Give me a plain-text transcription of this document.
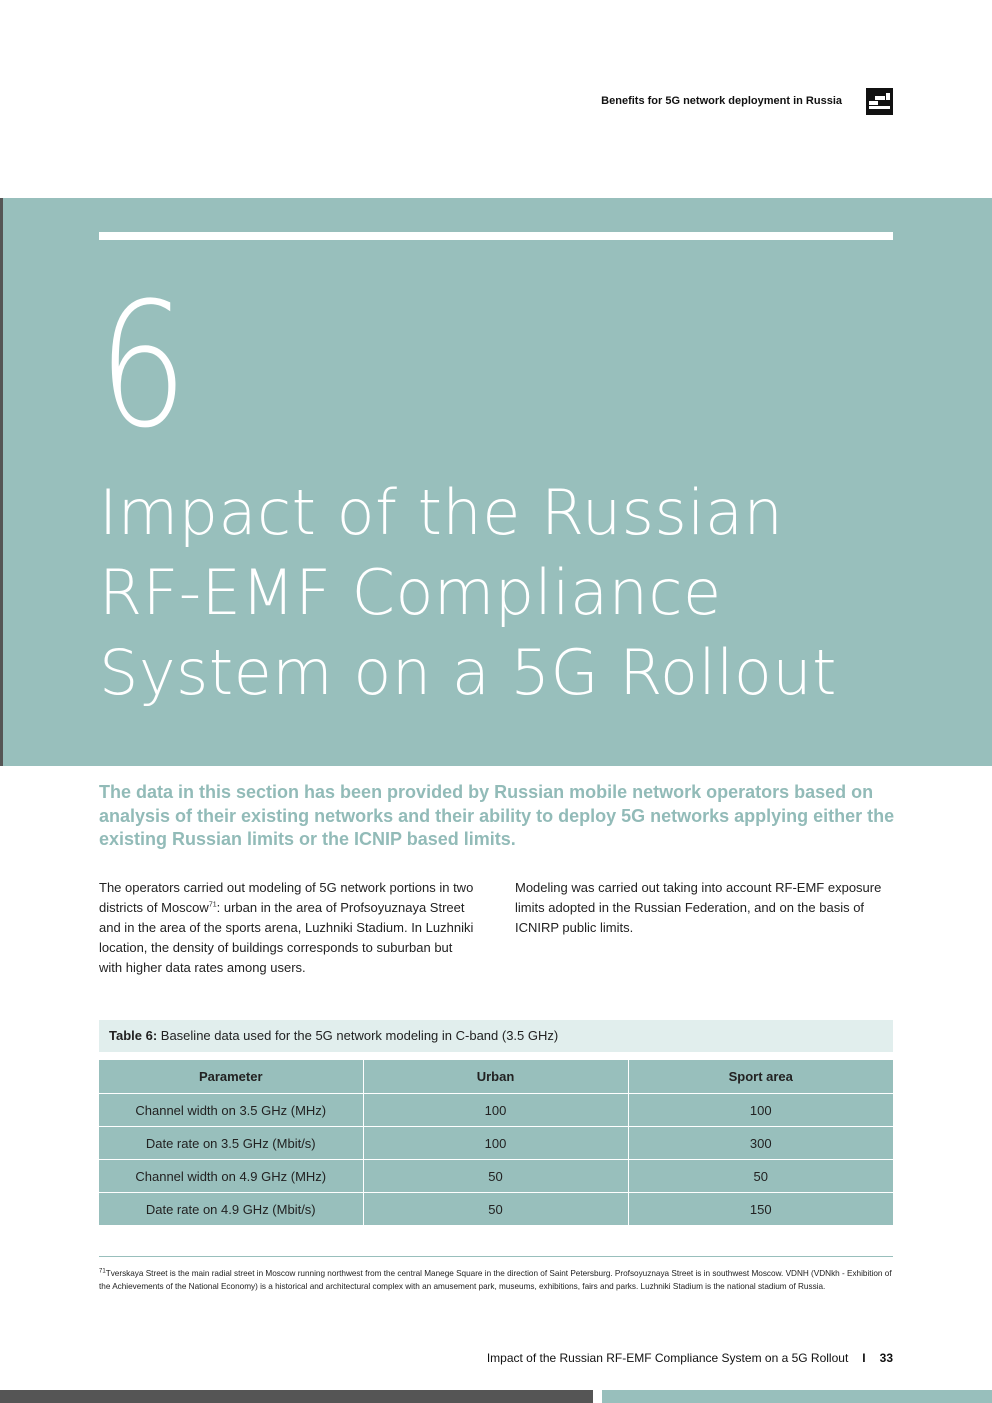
Benefits for 5G network deployment in Russia
6
Impact of the Russian
RF-EMF Compliance
System on a 5G Rollout
The data in this section has been provided by Russian mobile network operators based on analysis of their existing networks and their ability to deploy 5G networks applying either the existing Russian limits or the ICNIP based limits.
The operators carried out modeling of 5G network portions in two districts of Moscow$^{71}$: urban in the area of Profsoyuznaya Street and in the area of the sports arena, Luzhniki Stadium. In Luzhniki location, the density of buildings corresponds to suburban but with higher data rates among users.
Modeling was carried out taking into account RF-EMF exposure limits adopted in the Russian Federation, and on the basis of ICNIRP public limits.
Table 6: Baseline data used for the 5G network modeling in C-band (3.5 GHz)
Parameter	Urban	Sport area
Channel width on 3.5 GHz (MHz)	100	100
Date rate on 3.5 GHz (Mbit/s)	100	300
Channel width on 4.9 GHz (MHz)	50	50
Date rate on 4.9 GHz (Mbit/s)	50	150
$^{71}$Tverskaya Street is the main radial street in Moscow running northwest from the central Manege Square in the direction of Saint Petersburg. Profsoyuznaya Street is in southwest Moscow. VDNH (VDNkh - Exhibition of the Achievements of the National Economy) is a historical and architectural complex with an amusement park, museums, exhibitions, fairs and parks. Luzhniki Stadium is the national stadium of Russia.
Impact of the Russian RF-EMF Compliance System on a 5G Rollout I 33
